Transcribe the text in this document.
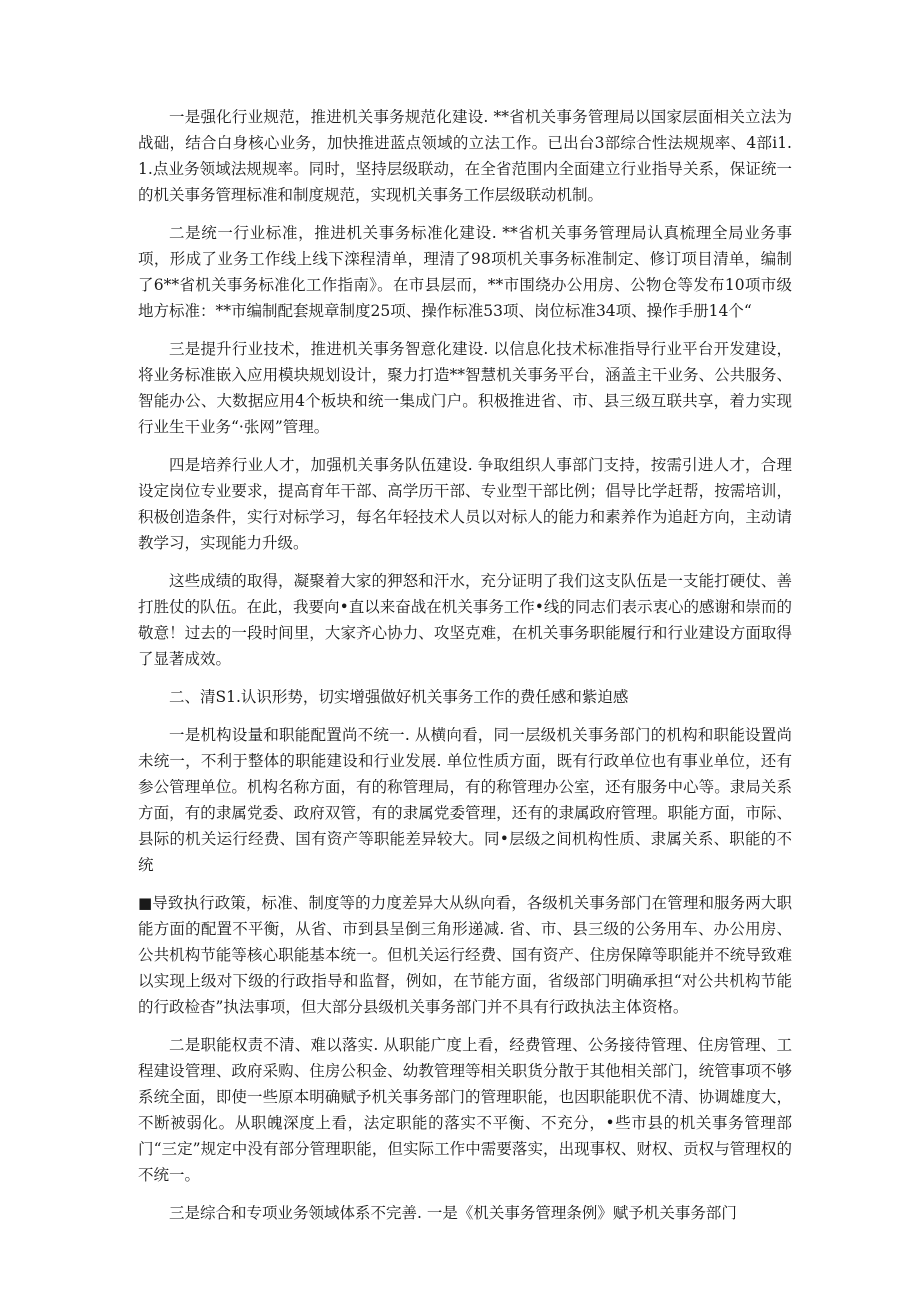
一是强化行业规范，推进机关事务规范化建设. **省机关事务管理局以国家层面相关立法为战础，结合白身核心业务，加快推进蓝点领域的立法工作。已出台3部综合性法规规率、4部i1.1.点业务领域法规规率。同时，坚持层级联动，在全省范围内全面建立行业指导关系，保证统一的机关事务管理标准和制度规范，实现机关事务工作层级联动机制。

二是统一行业标准，推进机关事务标准化建设. **省机关事务管理局认真梳理全局业务事项，形成了业务工作线上线下滦程清单，理清了98项机关事务标准制定、修订项目清单，编制了6**省机关事务标准化工作指南》。在市县层而，**市围绕办公用房、公物仓等发布10项市级地方标准：**市编制配套规章制度25项、操作标准53项、岗位标准34项、操作手册14个“

三是提升行业技术，推进机关事务智意化建设. 以信息化技术标准指导行业平台开发建设，将业务标准嵌入应用模块规划设计，聚力打造**智慧机关事务平台，涵盖主干业务、公共服务、智能办公、大数据应用4个板块和统一集成门户。积极推进省、市、县三级互联共享，着力实现行业生干业务“·张网”管理。

四是培养行业人才，加强机关事务队伍建设. 争取组织人事部门支持，按需引进人才，合理设定岗位专业要求，提高育年干部、高学历干部、专业型干部比例；倡导比学赶帮，按需培训，积极创造条件，实行对标学习，每名年轻技术人员以对标人的能力和素养作为追赶方向，主动请教学习，实现能力升级。

这些成绩的取得，凝聚着大家的狎怒和汗水，充分证明了我们这支队伍是一支能打硬仗、善打胜仗的队伍。在此，我要向•直以来奋战在机关事务工作•线的同志们表示衷心的感谢和崇而的敬意！过去的一段时间里，大家齐心协力、攻坚克难，在机关事务职能履行和行业建设方面取得了显著成效。

二、清S1.认识形势，切实增强做好机关事务工作的费任感和紫迫感

一是机构设量和职能配置尚不统一. 从横向看，同一层级机关事务部门的机构和职能设置尚未统一，不利于整体的职能建设和行业发展. 单位性质方面，既有行政单位也有事业单位，还有参公管理单位。机构名称方面，有的称管理局，有的称管理办公室，还有服务中心等。隶局关系方面，有的隶属党委、政府双管，有的隶属党委管理，还有的隶属政府管理。职能方面，市际、县际的机关运行经费、国有资产等职能差异较大。同•层级之间机构性质、隶属关系、职能的不统

■导致执行政策，标准、制度等的力度差异大从纵向看，各级机关事务部门在管理和服务两大职能方面的配置不平衡，从省、市到县呈倒三角形递减. 省、市、县三级的公务用车、办公用房、公共机构节能等核心职能基本统一。但机关运行经费、国有资产、住房保障等职能并不统导致难以实现上级对下级的行政指导和监督，例如，在节能方面，省级部门明确承担“对公共机构节能的行政检杳”执法事项，但大部分县级机关事务部门并不具有行政执法主体资格。

二是职能权责不清、难以落实. 从职能广度上看，经费管理、公务接待管理、住房管理、工程建设管理、政府采购、住房公积金、幼教管理等相关职货分散于其他相关部门，统管事项不够系统全面，即使一些原本明确赋予机关事务部门的管理职能，也因职能职优不清、协调雄度大，不断被弱化。从职魄深度上看，法定职能的落实不平衡、不充分，•些市县的机关事务管理部门“三定”规定中没有部分管理职能，但实际工作中需要落实，出现事权、财权、贡权与管理权的不统一。

三是综合和专项业务领域体系不完善. 一是《机关事务管理条例》赋予机关事务部门
